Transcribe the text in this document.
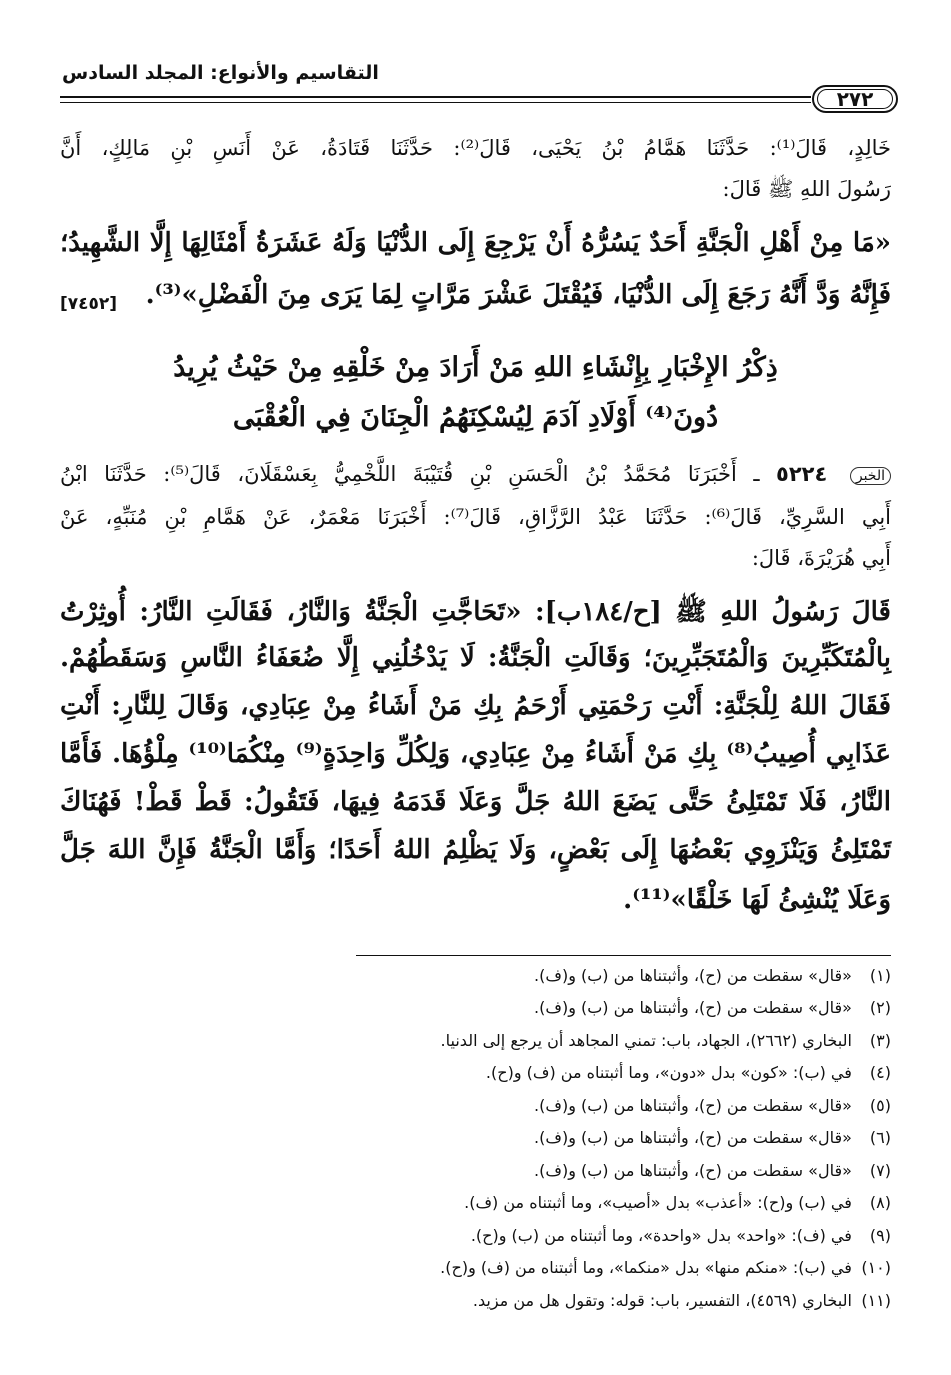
التقاسيم والأنواع: المجلد السادس
٢٧٢
خَالِدٍ، قَالَ⁽¹⁾: حَدَّثَنَا هَمَّامُ بْنُ يَحْيَى، قَالَ⁽²⁾: حَدَّثَنَا قَتَادَةُ، عَنْ أَنَسِ بْنِ مَالِكٍ، أَنَّ
رَسُولَ اللهِ ﷺ قَالَ:
«مَا مِنْ أَهْلِ الْجَنَّةِ أَحَدٌ يَسُرُّهُ أَنْ يَرْجِعَ إِلَى الدُّنْيَا وَلَهُ عَشَرَةُ أَمْثَالِهَا إِلَّا الشَّهِيدُ؛
فَإِنَّهُ وَدَّ أَنَّهُ رَجَعَ إِلَى الدُّنْيَا، فَيُقْتَلَ عَشْرَ مَرَّاتٍ لِمَا يَرَى مِنَ الْفَضْلِ»⁽³⁾.
[٧٤٥٢]
ذِكْرُ الإِخْبَارِ بِإِنْشَاءِ اللهِ مَنْ أَرَادَ مِنْ خَلْقِهِ مِنْ حَيْثُ يُرِيدُ
دُونَ⁽⁴⁾ أَوْلَادِ آدَمَ لِيُسْكِنَهُمُ الْجِنَانَ فِي الْعُقْبَى
الخبر ٥٢٢٤ ـ أَخْبَرَنَا مُحَمَّدُ بْنُ الْحَسَنِ بْنِ قُتَيْبَةَ اللَّخْمِيُّ بِعَسْقَلَانَ، قَالَ⁽⁵⁾: حَدَّثَنَا ابْنُ
أَبِي السَّرِيِّ، قَالَ⁽⁶⁾: حَدَّثَنَا عَبْدُ الرَّزَّاقِ، قَالَ⁽⁷⁾: أَخْبَرَنَا مَعْمَرٌ، عَنْ هَمَّامِ بْنِ مُنَبِّهٍ، عَنْ
أَبِي هُرَيْرَةَ، قَالَ:
قَالَ رَسُولُ اللهِ ﷺ [ح/١٨٤ب]: «تَحَاجَّتِ الْجَنَّةُ وَالنَّارُ، فَقَالَتِ النَّارُ: أُوثِرْتُ
بِالْمُتَكَبِّرِينَ وَالْمُتَجَبِّرِينَ؛ وَقَالَتِ الْجَنَّةُ: لَا يَدْخُلُنِي إِلَّا ضُعَفَاءُ النَّاسِ وَسَقَطُهُمْ.
فَقَالَ اللهُ لِلْجَنَّةِ: أَنْتِ رَحْمَتِي أَرْحَمُ بِكِ مَنْ أَشَاءُ مِنْ عِبَادِي، وَقَالَ لِلنَّارِ: أَنْتِ
عَذَابِي أُصِيبُ⁽⁸⁾ بِكِ مَنْ أَشَاءُ مِنْ عِبَادِي، وَلِكُلِّ وَاحِدَةٍ⁽⁹⁾ مِنْكُمَا⁽¹⁰⁾ مِلْؤُهَا. فَأَمَّا
النَّارُ، فَلَا تَمْتَلِئُ حَتَّى يَضَعَ اللهُ جَلَّ وَعَلَا قَدَمَهُ فِيهَا، فَتَقُولُ: قَطْ قَطْ! فَهُنَاكَ
تَمْتَلِئُ وَيَنْزَوِي بَعْضُهَا إِلَى بَعْضٍ، وَلَا يَظْلِمُ اللهُ أَحَدًا؛ وَأَمَّا الْجَنَّةُ فَإِنَّ اللهَ جَلَّ
وَعَلَا يُنْشِئُ لَهَا خَلْقًا»⁽¹¹⁾.
(١) «قال» سقطت من (ح)، وأثبتناها من (ب) و(ف).
(٢) «قال» سقطت من (ح)، وأثبتناها من (ب) و(ف).
(٣) البخاري (٢٦٦٢)، الجهاد، باب: تمني المجاهد أن يرجع إلى الدنيا.
(٤) في (ب): «كون» بدل «دون»، وما أثبتناه من (ف) و(ح).
(٥) «قال» سقطت من (ح)، وأثبتناها من (ب) و(ف).
(٦) «قال» سقطت من (ح)، وأثبتناها من (ب) و(ف).
(٧) «قال» سقطت من (ح)، وأثبتناها من (ب) و(ف).
(٨) في (ب) و(ح): «أعذب» بدل «أصيب»، وما أثبتناه من (ف).
(٩) في (ف): «واحد» بدل «واحدة»، وما أثبتناه من (ب) و(ح).
(١٠) في (ب): «منكم منها» بدل «منكما»، وما أثبتناه من (ف) و(ح).
(١١) البخاري (٤٥٦٩)، التفسير، باب: قوله: وتقول هل من مزيد.
